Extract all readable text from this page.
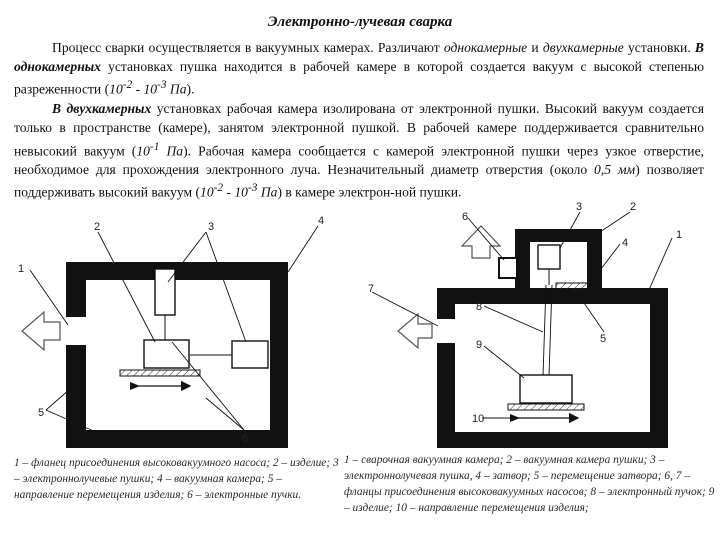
Электронно-лучевая сварка

Процесс сварки осуществляется в вакуумных камерах. Различают однокамерные и двухкамерные установки. В однокамерных установках пушка находится в рабочей камере в которой создается вакуум с высокой степенью разреженности ($10^{-2} - 10^{-3}$ Па).

В двухкамерных установках рабочая камера изолирована от электронной пушки. Высокий вакуум создается только в пространстве (камере), занятом электронной пушкой. В рабочей камере поддерживается сравнительно невысокий вакуум ($10^{-1}$ Па). Рабочая камера сообщается с камерой электронной пушки через узкое отверстие, необходимое для прохождения электронного луча. Незначительный диаметр отверстия (около 0,5 мм) позволяет поддерживать высокий вакуум ($10^{-2} - 10^{-3}$ Па) в камере электрон-ной пушки.

1
2	3	4
5
6
1
2
3
4
5
6
7
8
9
10
1 – фланец присоединения высоковакуумного насоса; 2 – изделие; 3 – электроннолучевые пушки; 4 – вакуумная камера; 5 – направление перемещения изделия; 6 – электронные пучки.
1 – сварочная вакуумная камера; 2 – вакуумная камера пушки; 3 – электроннолучевая пушка, 4 – затвор; 5 – перемещение затвора; 6, 7 – фланцы присоединения высоковакуумных насосов; 8 – электронный пучок; 9 – изделие; 10 – направление перемещения изделия;
